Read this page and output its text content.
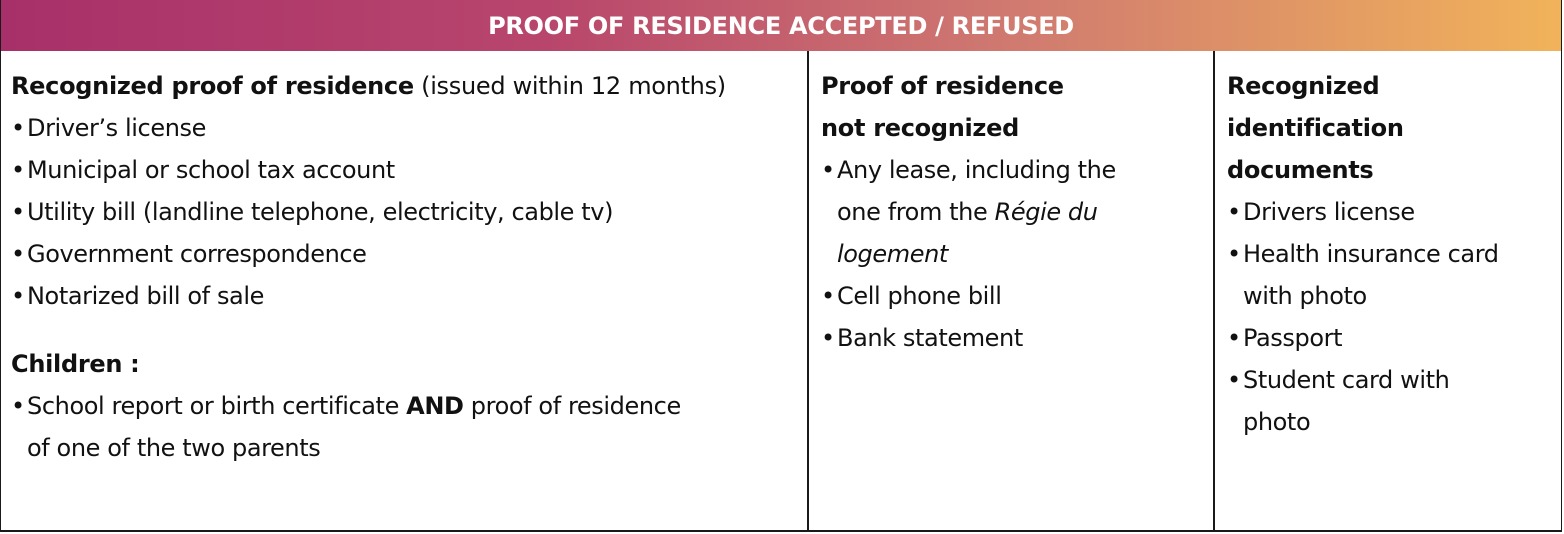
PROOF OF RESIDENCE ACCEPTED / REFUSED
Recognized proof of residence (issued within 12 months)
• Driver’s license
• Municipal or school tax account
• Utility bill (landline telephone, electricity, cable tv)
• Government correspondence
• Notarized bill of sale
Children :
• School report or birth certificate AND proof of residence
of one of the two parents
Proof of residence
not recognized
• Any lease, including the
one from the Régie du
logement
• Cell phone bill
• Bank statement
Recognized
identification
documents
• Drivers license
• Health insurance card
with photo
• Passport
• Student card with
photo
